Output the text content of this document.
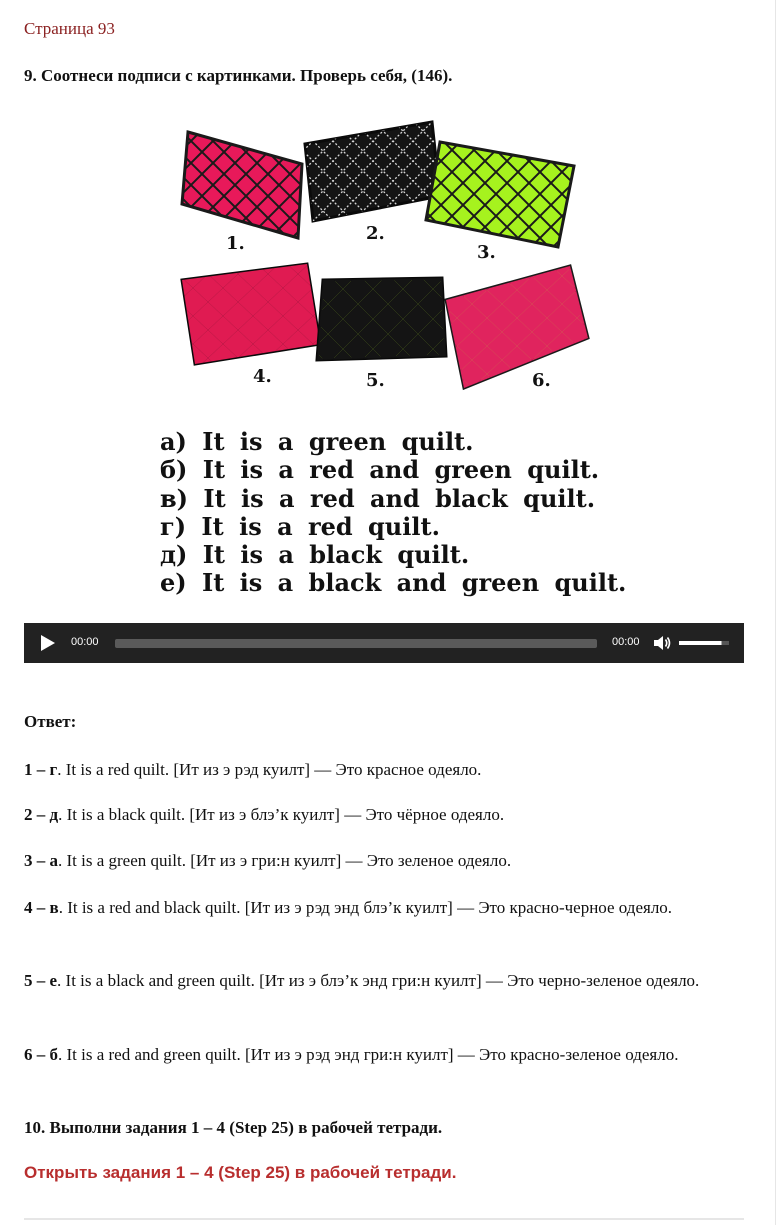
Страница 93
9. Соотнеси подписи с картинками. Проверь себя, (146).
1.	2.
3.
4.	5.	6.
а) It is a green quilt.
б) It is a red and green quilt.
в) It is a red and black quilt.
г) It is a red quilt.
д) It is a black quilt.
е) It is a black and green quilt.
00:00	00:00
Ответ:
1 – г. It is a red quilt. [Ит из э рэд куилт] — Это красное одеяло.
2 – д. It is a black quilt. [Ит из э блэ’к куилт] — Это чёрное одеяло.
3 – а. It is a green quilt. [Ит из э гри:н куилт] — Это зеленое одеяло.
4 – в. It is a red and black quilt. [Ит из э рэд энд блэ’к куилт] — Это красно-черное одеяло.
5 – е. It is a black and green quilt. [Ит из э блэ’к энд гри:н куилт] — Это черно-зеленое одеяло.
6 – б. It is a red and green quilt. [Ит из э рэд энд гри:н куилт] — Это красно-зеленое одеяло.
10. Выполни задания 1 – 4 (Step 25) в рабочей тетради.
Открыть задания 1 – 4 (Step 25) в рабочей тетради.
